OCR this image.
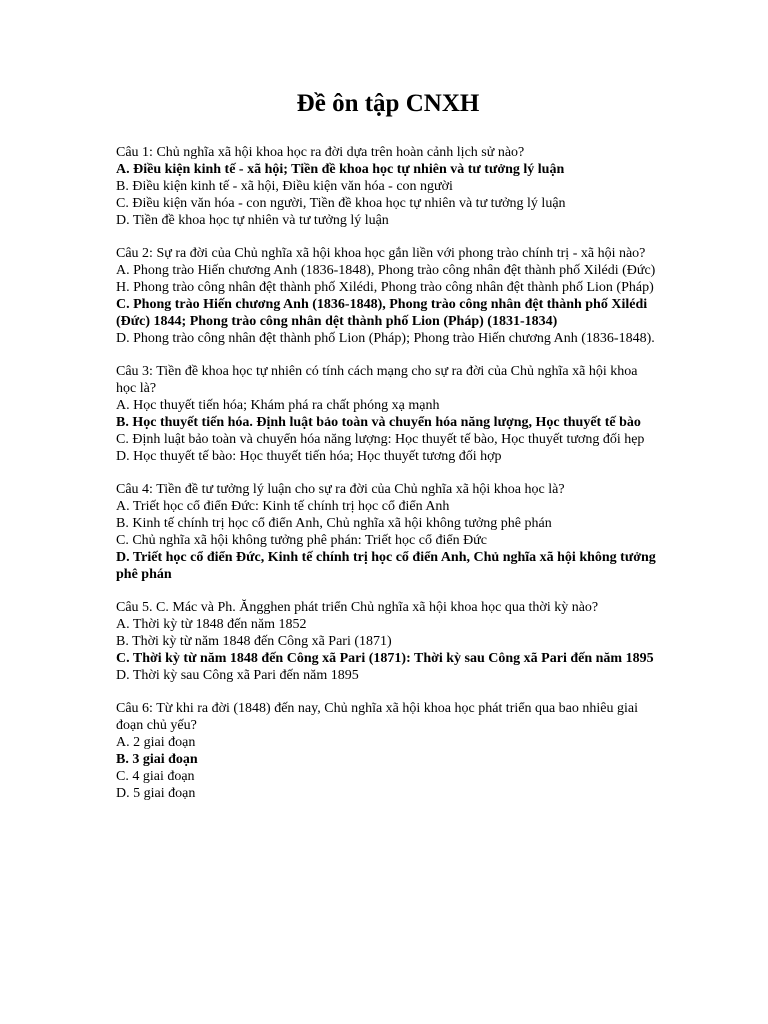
Đề ôn tập CNXH

Câu 1: Chủ nghĩa xã hội khoa học ra đời dựa trên hoàn cảnh lịch sử nào?

A. Điều kiện kinh tế - xã hội; Tiền đề khoa học tự nhiên và tư tưởng lý luận

B. Điều kiện kinh tế - xã hội, Điều kiện văn hóa - con người

C. Điều kiện văn hóa - con người, Tiền đề khoa học tự nhiên và tư tưởng lý luận

D. Tiền đề khoa học tự nhiên và tư tưởng lý luận

Câu 2: Sự ra đời của Chủ nghĩa xã hội khoa học gắn liền với phong trào chính trị - xã hội nào?

A. Phong trào Hiến chương Anh (1836-1848), Phong trào công nhân đệt thành phố Xilédi (Đức)

H. Phong trào công nhân đệt thành phố Xilédi, Phong trào công nhân đệt thành phố Lion (Pháp)

C. Phong trào Hiến chương Anh (1836-1848), Phong trào công nhân đệt thành phố Xilédi (Đức) 1844; Phong trào công nhân dệt thành phố Lion (Pháp) (1831-1834)

D. Phong trào công nhân đệt thành phố Lion (Pháp); Phong trào Hiến chương Anh (1836-1848).

Câu 3: Tiền đề khoa học tự nhiên có tính cách mạng cho sự ra đời của Chủ nghĩa xã hội khoa học là?

A. Học thuyết tiến hóa; Khám phá ra chất phóng xạ mạnh

B. Học thuyết tiến hóa. Định luật bảo toàn và chuyển hóa năng lượng, Học thuyết tế bào

C. Định luật bảo toàn và chuyển hóa năng lượng: Học thuyết tế bào, Học thuyết tương đối hẹp

D. Học thuyết tế bào: Học thuyết tiến hóa; Học thuyết tương đối hợp

Câu 4: Tiền đề tư tưởng lý luận cho sự ra đời của Chủ nghĩa xã hội khoa học là?

A. Triết học cổ điển Đức: Kinh tế chính trị học cổ điển Anh

B. Kinh tế chính trị học cổ điển Anh, Chủ nghĩa xã hội không tưởng phê phán

C. Chủ nghĩa xã hội không tưởng phê phán: Triết học cổ điển Đức

D. Triết học cổ điển Đức, Kinh tế chính trị học cổ điển Anh, Chủ nghĩa xã hội không tưởng phê phán

Câu 5. C. Mác và Ph. Ăngghen phát triển Chủ nghĩa xã hội khoa học qua thời kỳ nào?

A. Thời kỳ từ 1848 đến năm 1852

B. Thời kỳ từ năm 1848 đến Công xã Pari (1871)

C. Thời kỳ từ năm 1848 đến Công xã Pari (1871): Thời kỳ sau Công xã Pari đến năm 1895

D. Thời kỳ sau Công xã Pari đến năm 1895

Câu 6: Từ khi ra đời (1848) đến nay, Chủ nghĩa xã hội khoa học phát triển qua bao nhiêu giai đoạn chủ yếu?

A. 2 giai đoạn

B. 3 giai đoạn

C. 4 giai đoạn

D. 5 giai đoạn
